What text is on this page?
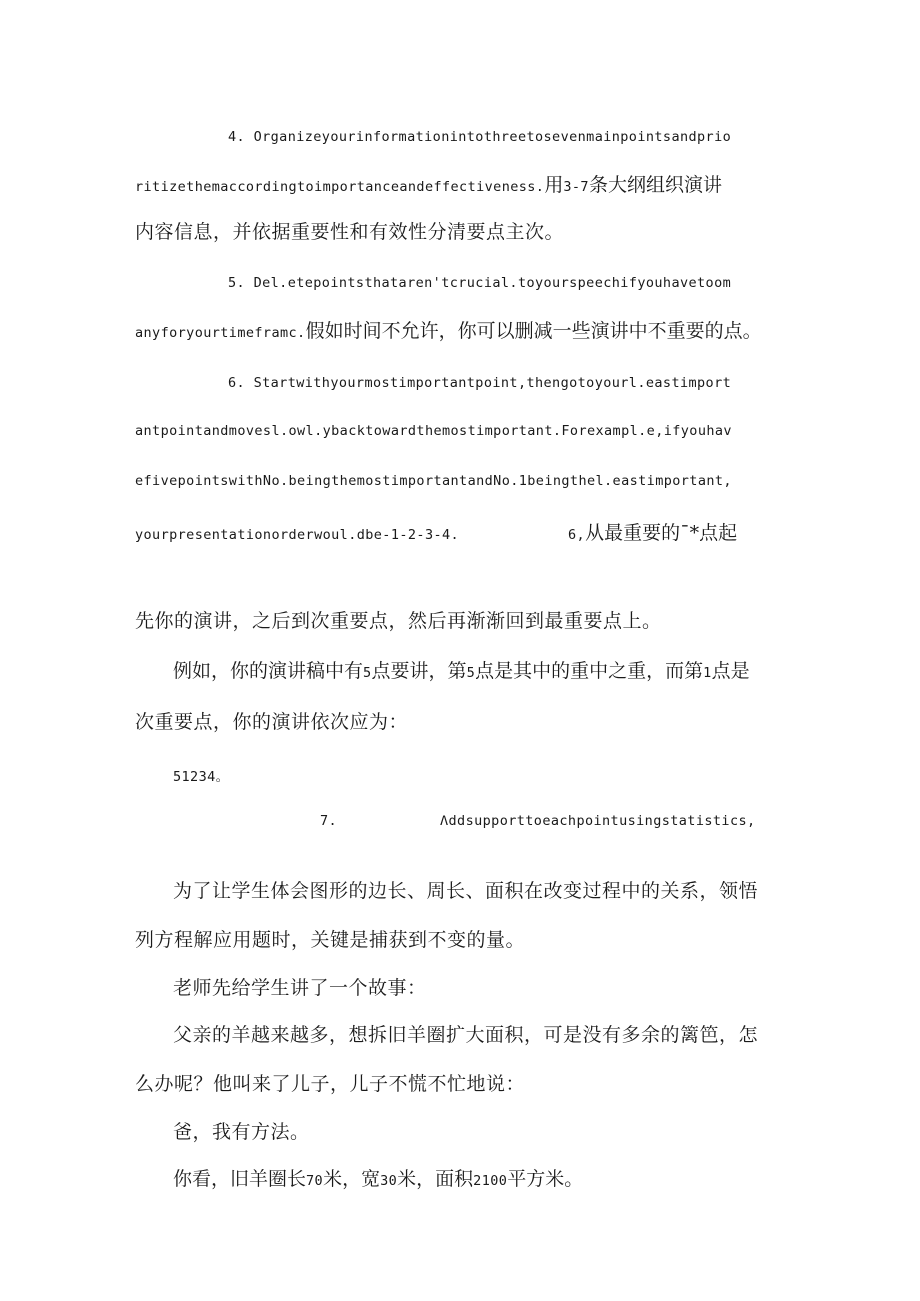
4. Organizeyourinformationintothreetosevenmainpointsandprio
ritizethemaccordingtoimportanceandeffectiveness.用3-7条大纲组织演讲
内容信息，并依据重要性和有效性分清要点主次。
5. Del.etepointsthataren'tcrucial.toyourspeechifyouhavetoom
anyforyourtimeframc.假如时间不允许，你可以删减一些演讲中不重要的点。
6. Startwithyourmostimportantpoint,thengotoyourl.eastimport
antpointandmovesl.owl.ybacktowardthemostimportant.Forexampl.e,ifyouhav
efivepointswithNo.beingthemostimportantandNo.1beingthel.eastimportant,
yourpresentationorderwoul.dbe-1-2-3-4.	6,从最重要的¯*点起
先你的演讲，之后到次重要点，然后再渐渐回到最重要点上。
例如，你的演讲稿中有5点要讲，第5点是其中的重中之重，而第1点是
次重要点，你的演讲依次应为：
51234。
7.	Λddsupporttoeachpointusingstatistics,
为了让学生体会图形的边长、周长、面积在改变过程中的关系，领悟
列方程解应用题时，关键是捕获到不变的量。
老师先给学生讲了一个故事：
父亲的羊越来越多，想拆旧羊圈扩大面积，可是没有多余的篱笆，怎
么办呢？他叫来了儿子，儿子不慌不忙地说：
爸，我有方法。
你看，旧羊圈长70米，宽30米，面积2100平方米。
